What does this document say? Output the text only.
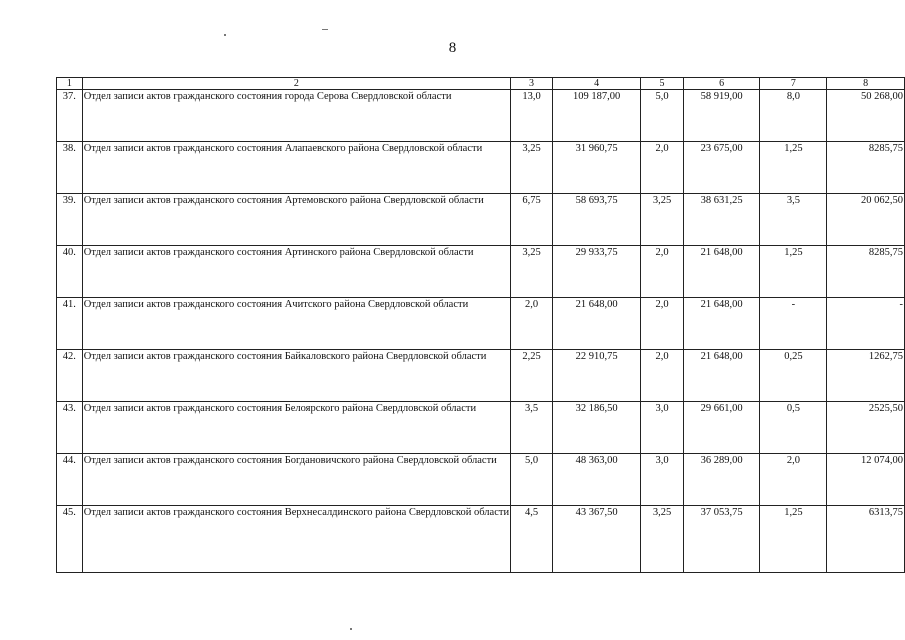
8
1	2	3	4	5	6	7	8
37.	Отдел записи актов гражданского состояния города Серова Свердловской области	13,0	109 187,00	5,0	58 919,00	8,0	50 268,00
38.	Отдел записи актов гражданского состояния Алапаевского района Свердловской области	3,25	31 960,75	2,0	23 675,00	1,25	8285,75
39.	Отдел записи актов гражданского состояния Артемовского района Свердловской области	6,75	58 693,75	3,25	38 631,25	3,5	20 062,50
40.	Отдел записи актов гражданского состояния Артинского района Свердловской области	3,25	29 933,75	2,0	21 648,00	1,25	8285,75
41.	Отдел записи актов гражданского состояния Ачитского района Свердловской области	2,0	21 648,00	2,0	21 648,00	-	-
42.	Отдел записи актов гражданского состояния Байкаловского района Свердловской области	2,25	22 910,75	2,0	21 648,00	0,25	1262,75
43.	Отдел записи актов гражданского состояния Белоярского района Свердловской области	3,5	32 186,50	3,0	29 661,00	0,5	2525,50
44.	Отдел записи актов гражданского состояния Богдановичского района Свердловской области	5,0	48 363,00	3,0	36 289,00	2,0	12 074,00
45.	Отдел записи актов гражданского состояния Верхнесалдинского района Свердловской области	4,5	43 367,50	3,25	37 053,75	1,25	6313,75
